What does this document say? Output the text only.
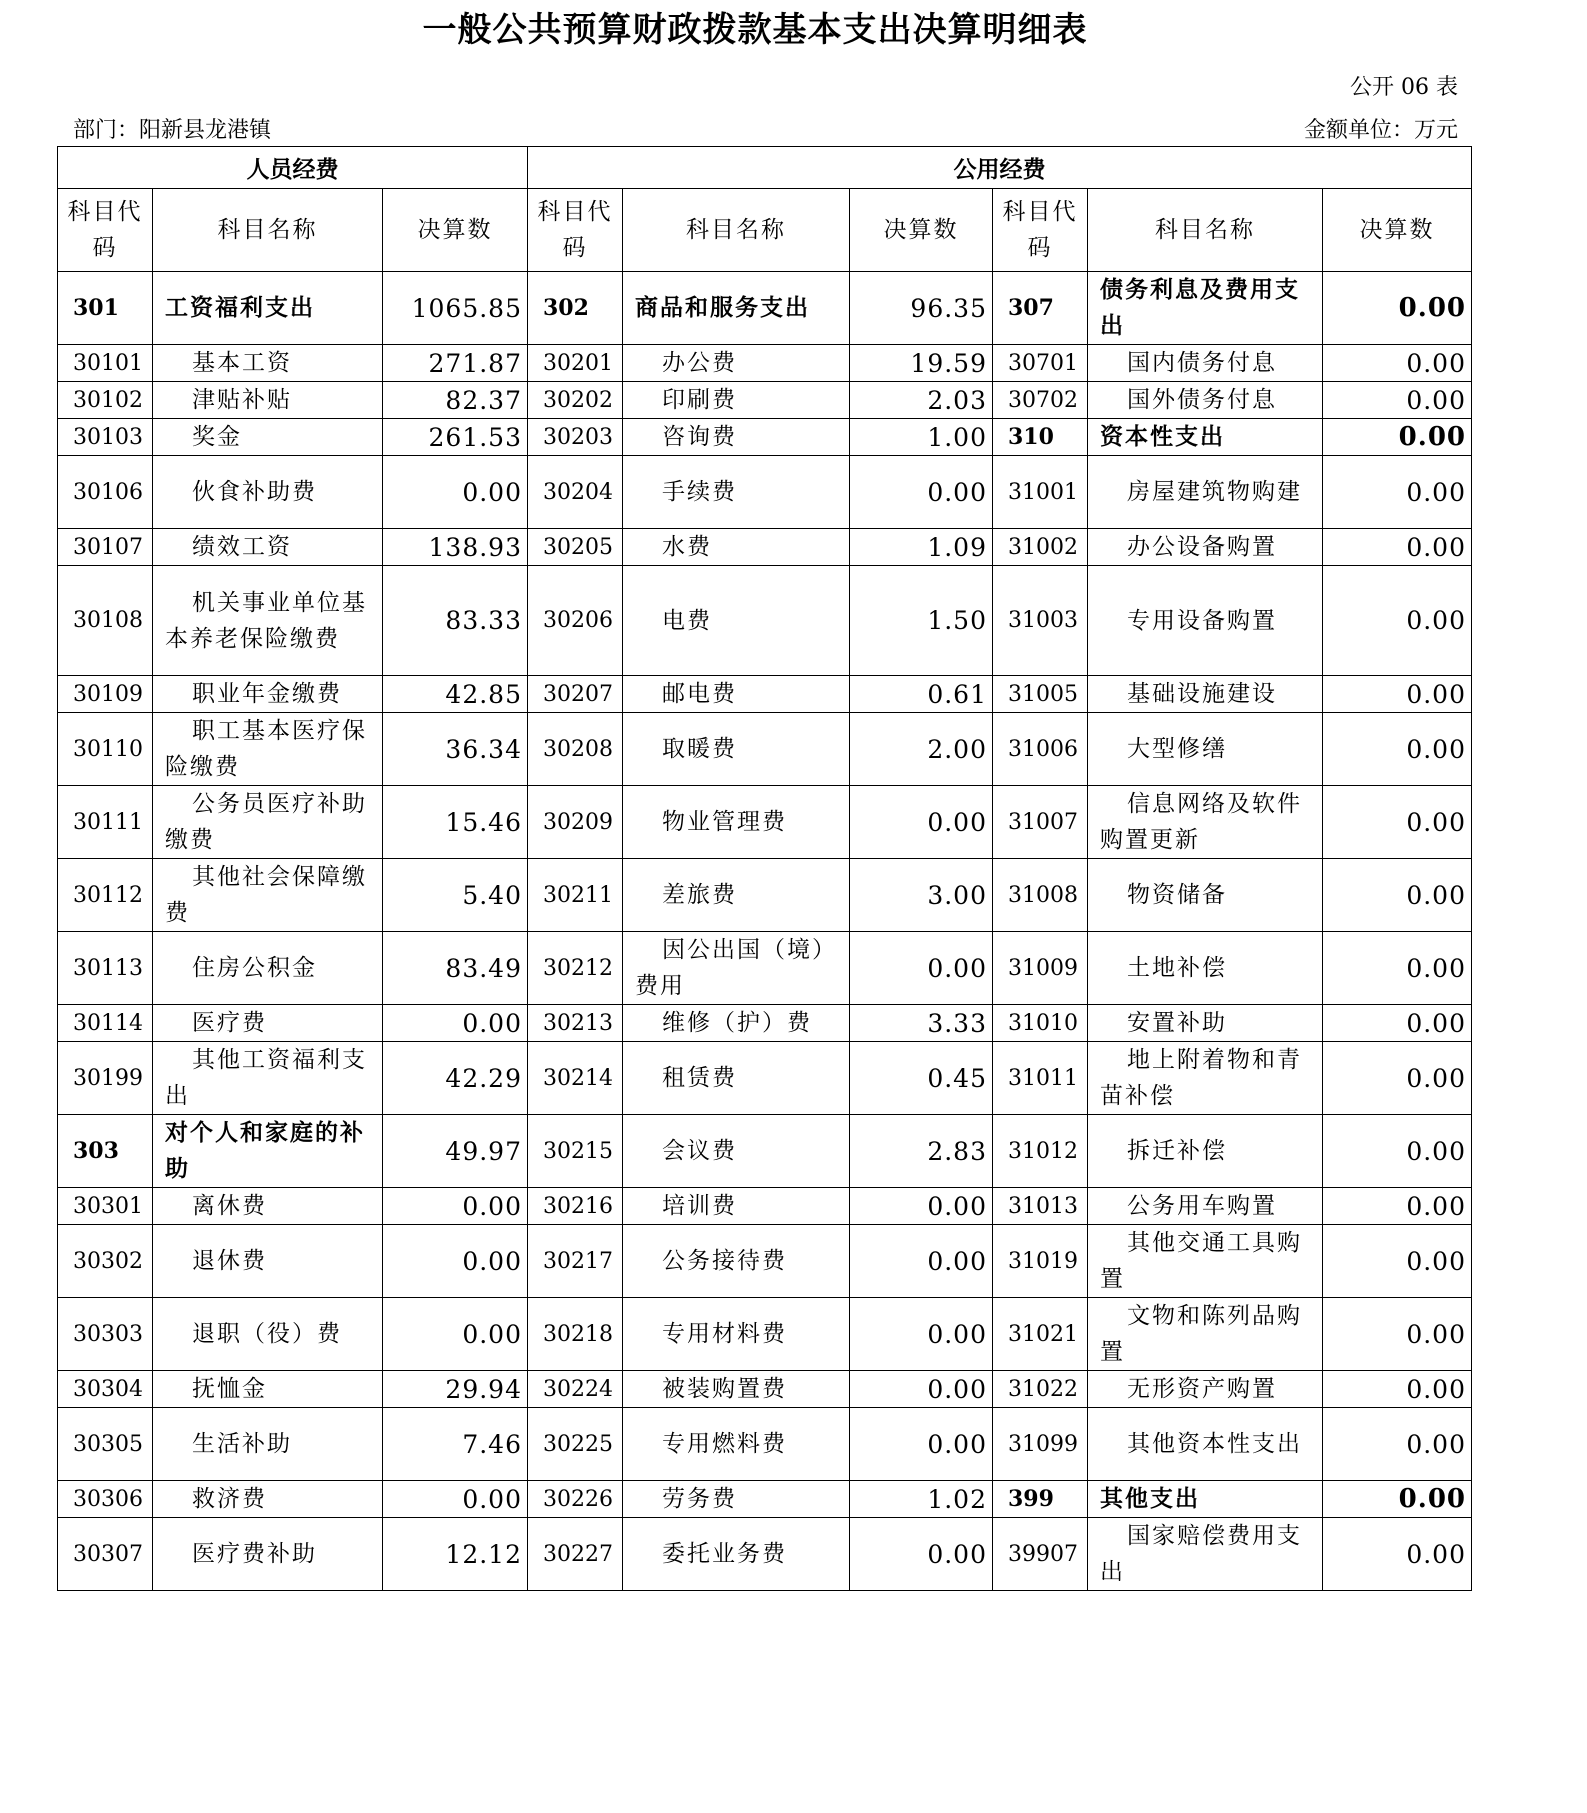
一般公共预算财政拨款基本支出决算明细表
公开 06 表
部门：阳新县龙港镇	金额单位：万元
人员经费			公用经费					
科目代码	科目名称	决算数	科目代码	科目名称	决算数	科目代码	科目名称	决算数
301	工资福利支出	1065.85	302	商品和服务支出	96.35	307	债务利息及费用支出	0.00
30101	基本工资	271.87	30201	办公费	19.59	30701	国内债务付息	0.00
30102	津贴补贴	82.37	30202	印刷费	2.03	30702	国外债务付息	0.00
30103	奖金	261.53	30203	咨询费	1.00	310	资本性支出	0.00
30106	伙食补助费	0.00	30204	手续费	0.00	31001	房屋建筑物购建	0.00
30107	绩效工资	138.93	30205	水费	1.09	31002	办公设备购置	0.00
30108	机关事业单位基本养老保险缴费	83.33	30206	电费	1.50	31003	专用设备购置	0.00
30109	职业年金缴费	42.85	30207	邮电费	0.61	31005	基础设施建设	0.00
30110	职工基本医疗保险缴费	36.34	30208	取暖费	2.00	31006	大型修缮	0.00
30111	公务员医疗补助缴费	15.46	30209	物业管理费	0.00	31007	信息网络及软件购置更新	0.00
30112	其他社会保障缴费	5.40	30211	差旅费	3.00	31008	物资储备	0.00
30113	住房公积金	83.49	30212	因公出国（境）费用	0.00	31009	土地补偿	0.00
30114	医疗费	0.00	30213	维修（护）费	3.33	31010	安置补助	0.00
30199	其他工资福利支出	42.29	30214	租赁费	0.45	31011	地上附着物和青苗补偿	0.00
303	对个人和家庭的补助	49.97	30215	会议费	2.83	31012	拆迁补偿	0.00
30301	离休费	0.00	30216	培训费	0.00	31013	公务用车购置	0.00
30302	退休费	0.00	30217	公务接待费	0.00	31019	其他交通工具购置	0.00
30303	退职（役）费	0.00	30218	专用材料费	0.00	31021	文物和陈列品购置	0.00
30304	抚恤金	29.94	30224	被装购置费	0.00	31022	无形资产购置	0.00
30305	生活补助	7.46	30225	专用燃料费	0.00	31099	其他资本性支出	0.00
30306	救济费	0.00	30226	劳务费	1.02	399	其他支出	0.00
30307	医疗费补助	12.12	30227	委托业务费	0.00	39907	国家赔偿费用支出	0.00
